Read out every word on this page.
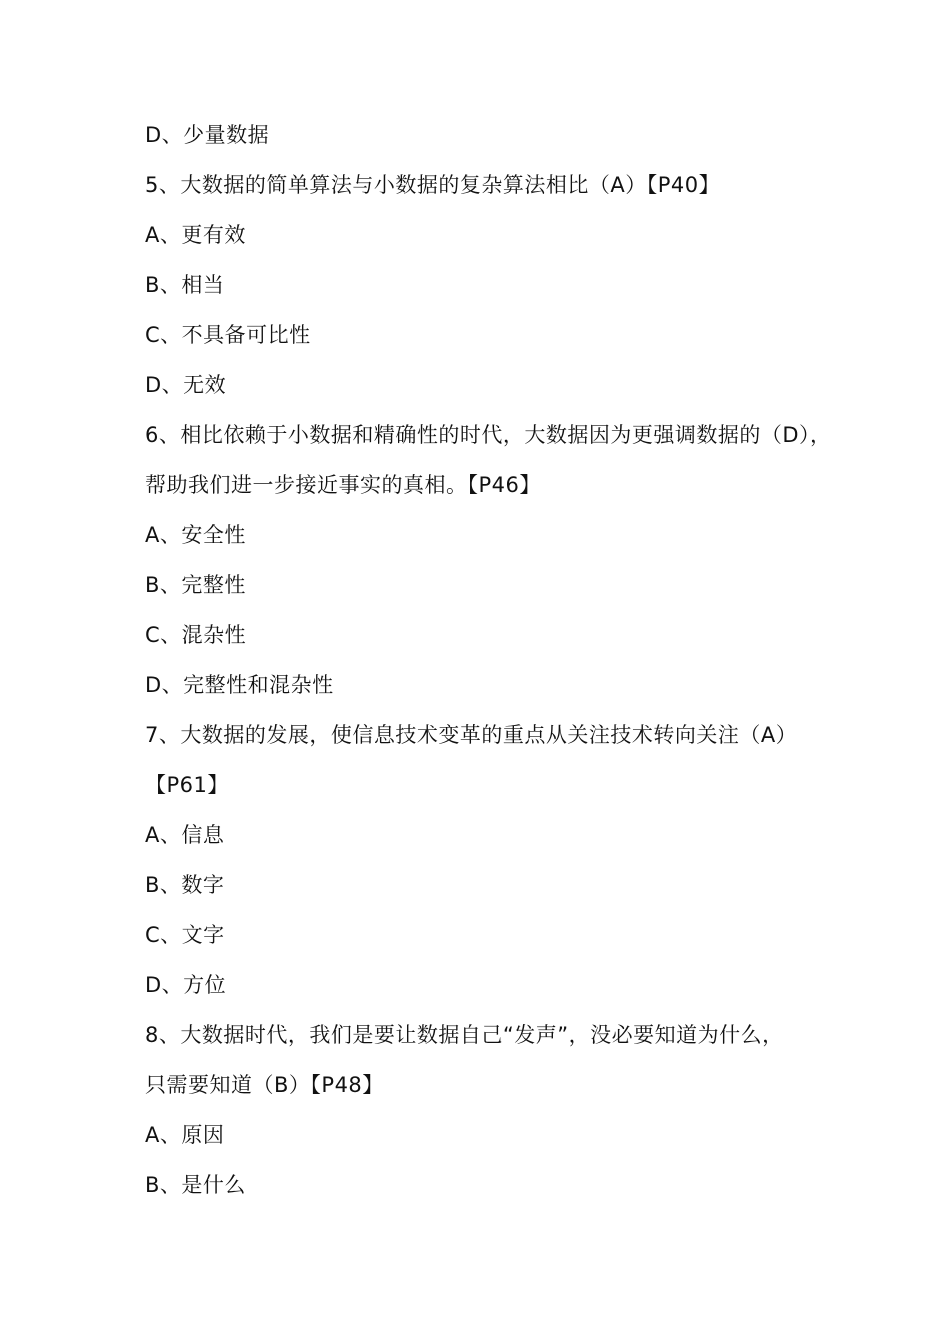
D、少量数据
5、大数据的简单算法与小数据的复杂算法相比（A）【P40】
A、更有效
B、相当
C、不具备可比性
D、无效
6、相比依赖于小数据和精确性的时代，大数据因为更强调数据的（D），
帮助我们进一步接近事实的真相。【P46】
A、安全性
B、完整性
C、混杂性
D、完整性和混杂性
7、大数据的发展，使信息技术变革的重点从关注技术转向关注（A）
【P61】
A、信息
B、数字
C、文字
D、方位
8、大数据时代，我们是要让数据自己“发声”，没必要知道为什么，
只需要知道（B）【P48】
A、原因
B、是什么
